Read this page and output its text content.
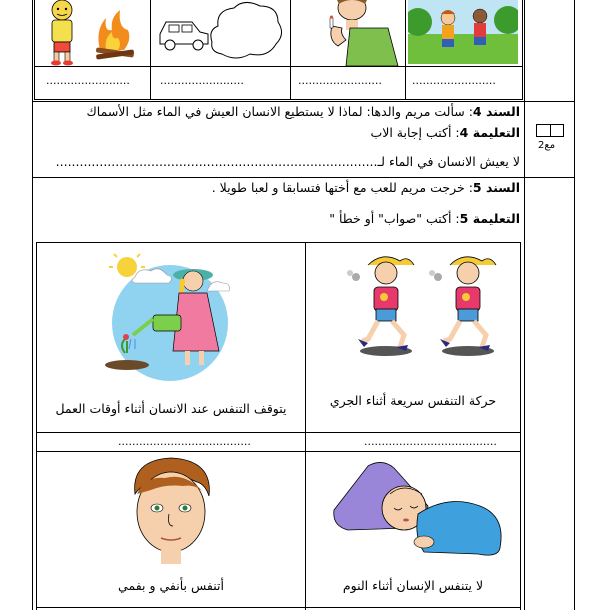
........................	........................	........................	........................
السند 4: سألت مريم والدها: لماذا لا يستطيع الانسان العيش في الماء مثل الأسماك
التعليمة 4: أكتب إجابة الاب
لا يعيش الانسان في الماء لـ.................................................................................
مع2
السند 5: خرجت مريم للعب مع أختها فتسابقا و لعبا طويلا .
التعليمة 5: أكتب "صواب" أو خطأ "
حركة التنفس سريعة أثناء الجري
يتوقف التنفس عند الانسان أثناء أوقات العمل
......................................	......................................
لا يتنفس الإنسان أثناء النوم
أتنفس بأنفي و بفمي
